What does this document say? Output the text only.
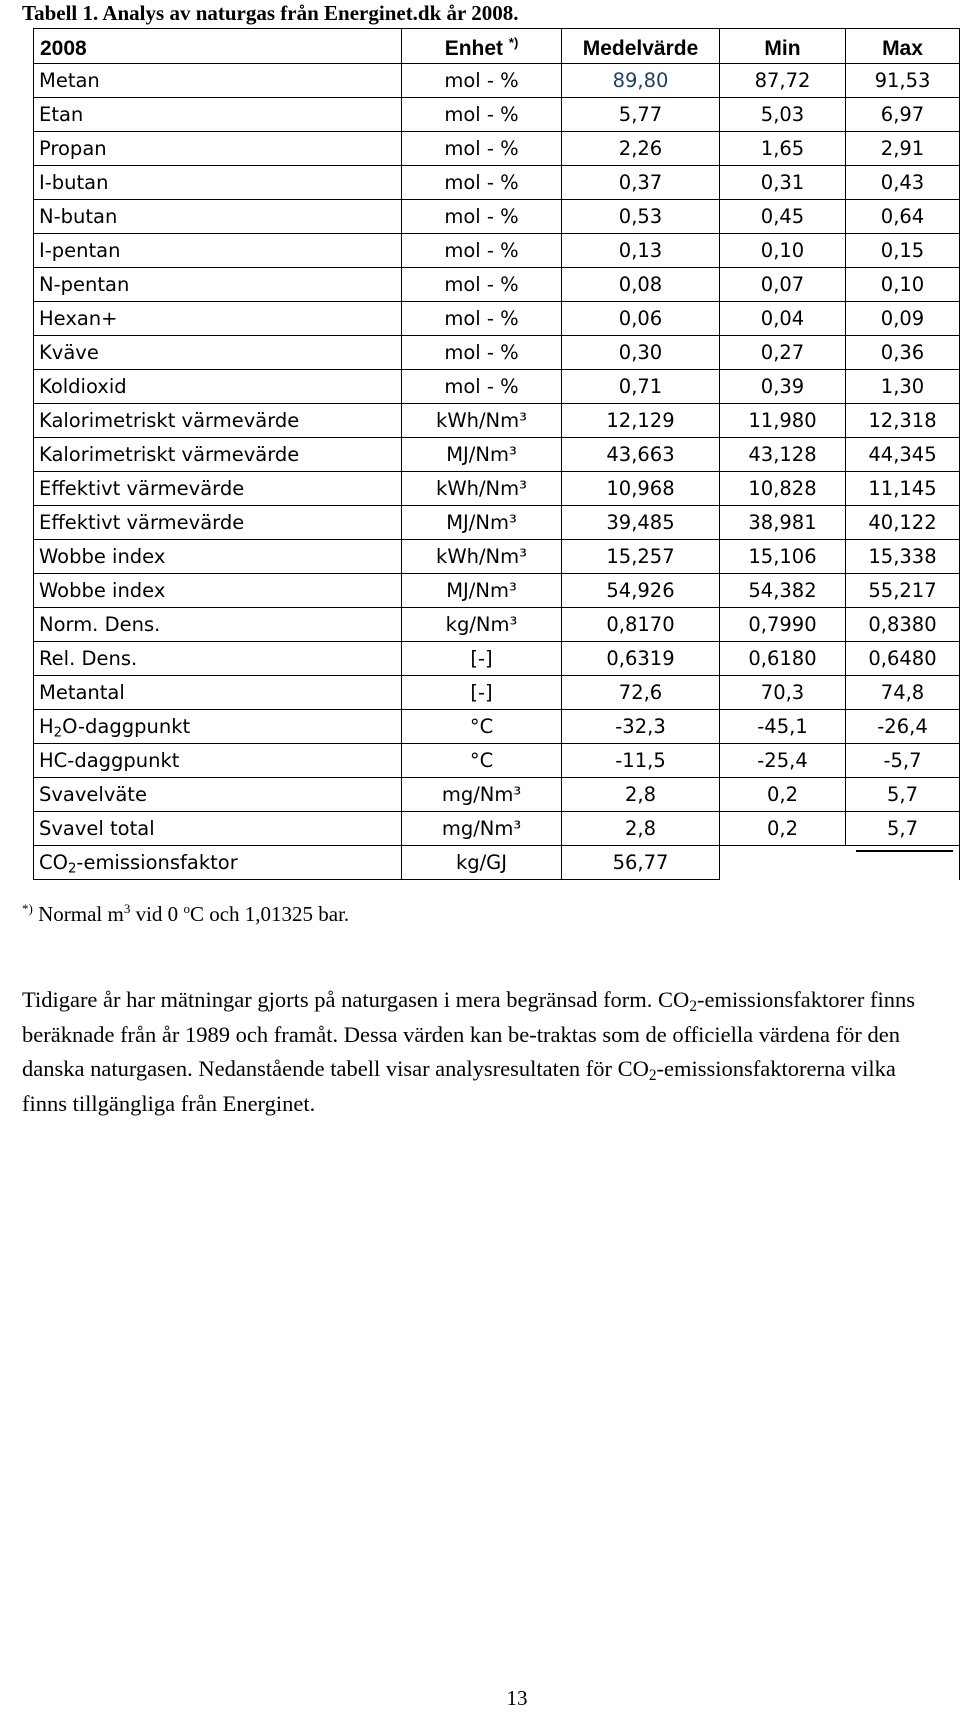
Tabell 1. Analys av naturgas från Energinet.dk år 2008.
2008	Enhet *)	Medelvärde	Min	Max
Metan	mol - %	89,80	87,72	91,53
Etan	mol - %	5,77	5,03	6,97
Propan	mol - %	2,26	1,65	2,91
I-butan	mol - %	0,37	0,31	0,43
N-butan	mol - %	0,53	0,45	0,64
I-pentan	mol - %	0,13	0,10	0,15
N-pentan	mol - %	0,08	0,07	0,10
Hexan+	mol - %	0,06	0,04	0,09
Kväve	mol - %	0,30	0,27	0,36
Koldioxid	mol - %	0,71	0,39	1,30
Kalorimetriskt värmevärde	kWh/Nm³	12,129	11,980	12,318
Kalorimetriskt värmevärde	MJ/Nm³	43,663	43,128	44,345
Effektivt värmevärde	kWh/Nm³	10,968	10,828	11,145
Effektivt värmevärde	MJ/Nm³	39,485	38,981	40,122
Wobbe index	kWh/Nm³	15,257	15,106	15,338
Wobbe index	MJ/Nm³	54,926	54,382	55,217
Norm. Dens.	kg/Nm³	0,8170	0,7990	0,8380
Rel. Dens.	[-]	0,6319	0,6180	0,6480
Metantal	[-]	72,6	70,3	74,8
$H_2O$-daggpunkt	°C	-32,3	-45,1	-26,4
HC-daggpunkt	°C	-11,5	-25,4	-5,7
Svavelväte	mg/Nm³	2,8	0,2	5,7
Svavel total	mg/Nm³	2,8	0,2	5,7
$CO_2$-emissionsfaktor	kg/GJ	56,77		
*) Normal $m^3$ vid 0 $^o$C och 1,01325 bar.

Tidigare år har mätningar gjorts på naturgasen i mera begränsad form. $CO_2$-emissionsfaktorer finns beräknade från år 1989 och framåt. Dessa värden kan be-traktas som de officiella värdena för den danska naturgasen. Nedanstående tabell visar analysresultaten för $CO_2$-emissionsfaktorerna vilka finns tillgängliga från Energinet.

13
